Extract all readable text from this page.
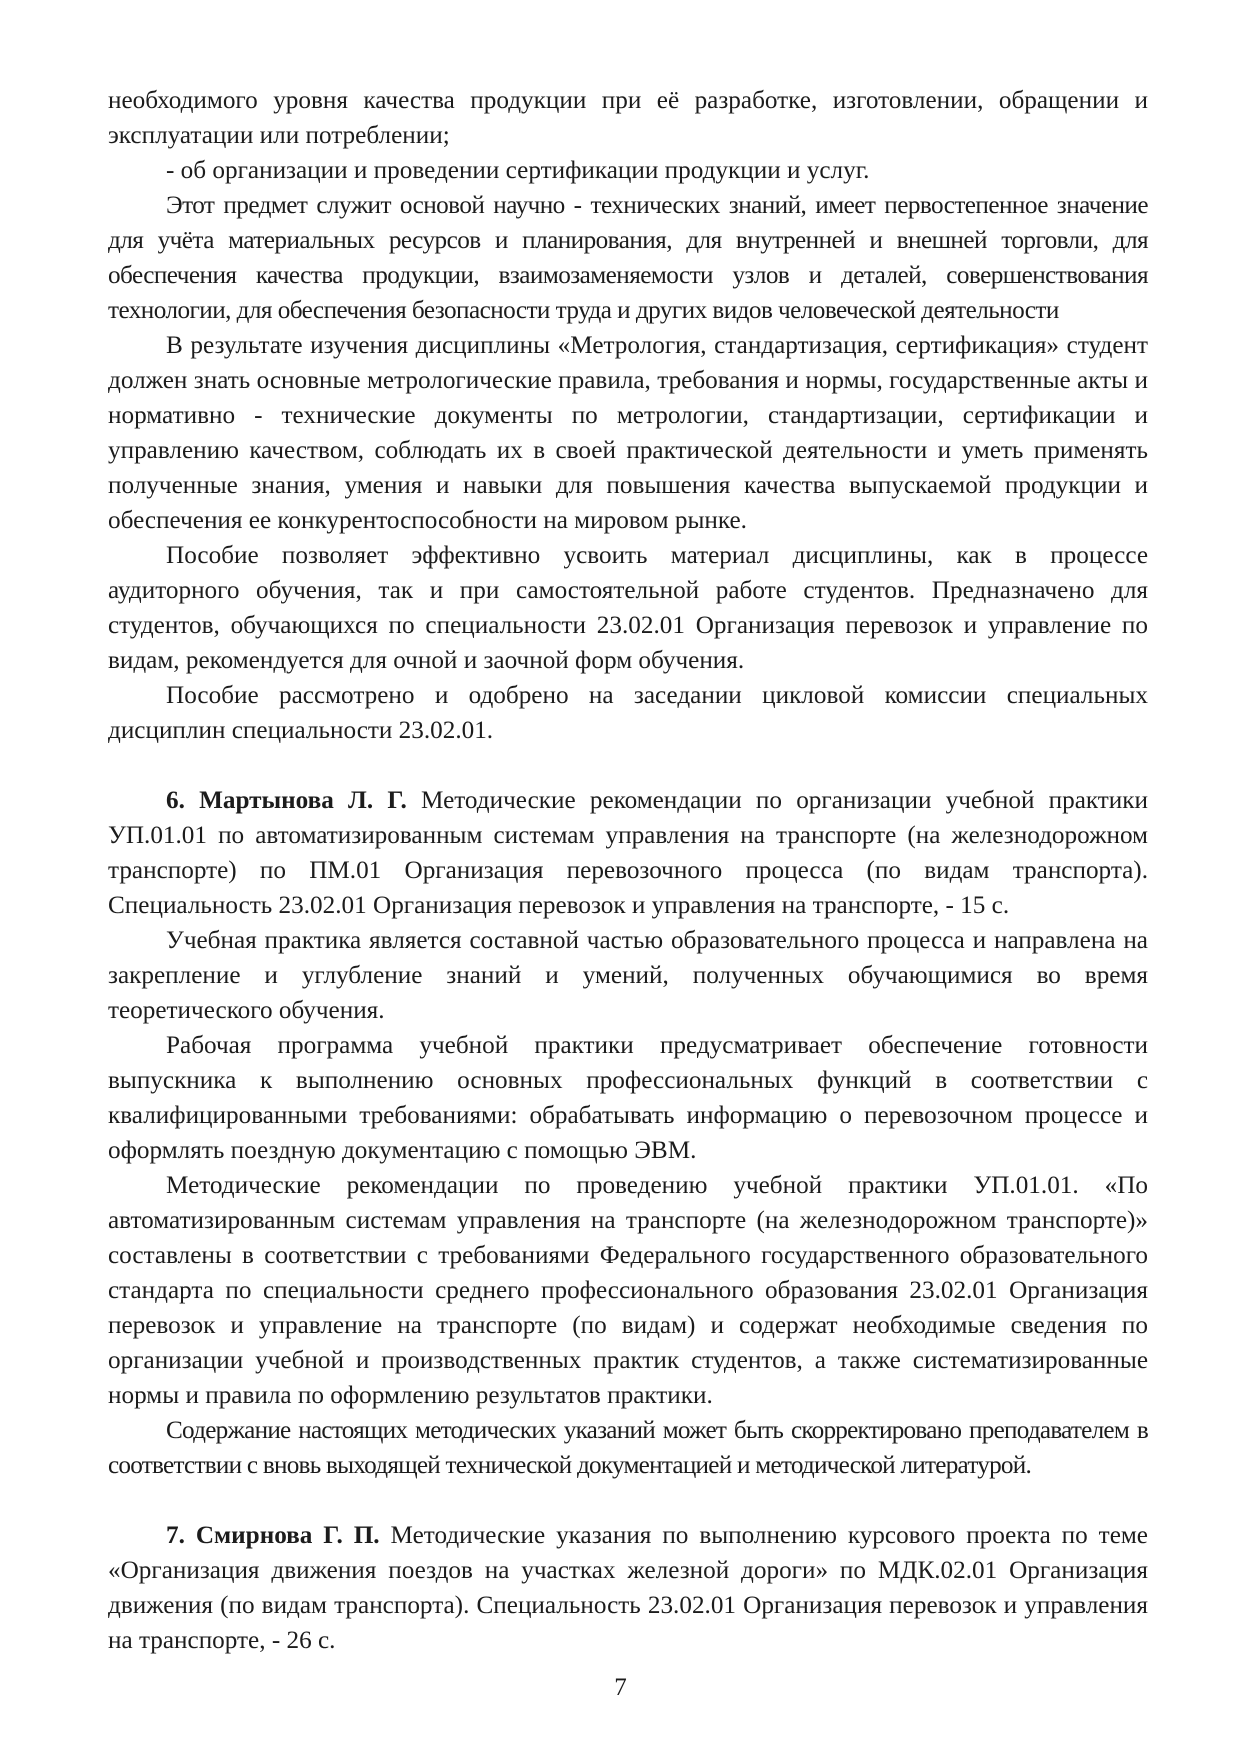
необходимого уровня качества продукции при её разработке, изготовлении, обращении и эксплуатации или потреблении;

- об организации и проведении сертификации продукции и услуг.

Этот предмет служит основой научно - технических знаний, имеет первостепенное значение для учёта материальных ресурсов и планирования, для внутренней и внешней торговли, для обеспечения качества продукции, взаимозаменяемости узлов и деталей, совершенствования технологии, для обеспечения безопасности труда и других видов человеческой деятельности

В результате изучения дисциплины «Метрология, стандартизация, сертификация» студент должен знать основные метрологические правила, требования и нормы, государственные акты и нормативно - технические документы по метрологии, стандартизации, сертификации и управлению качеством, соблюдать их в своей практической деятельности и уметь применять полученные знания, умения и навыки для повышения качества выпускаемой продукции и обеспечения ее конкурентоспособности на мировом рынке.

Пособие позволяет эффективно усвоить материал дисциплины, как в процессе аудиторного обучения, так и при самостоятельной работе студентов. Предназначено для студентов, обучающихся по специальности 23.02.01 Организация перевозок и управление по видам, рекомендуется для очной и заочной форм обучения.

Пособие рассмотрено и одобрено на заседании цикловой комиссии специальных дисциплин специальности 23.02.01.

6. Мартынова Л. Г. Методические рекомендации по организации учебной практики УП.01.01 по автоматизированным системам управления на транспорте (на железнодорожном транспорте) по ПМ.01 Организация перевозочного процесса (по видам транспорта). Специальность 23.02.01 Организация перевозок и управления на транспорте, - 15 с.

Учебная практика является составной частью образовательного процесса и направлена на закрепление и углубление знаний и умений, полученных обучающимися во время теоретического обучения.

Рабочая программа учебной практики предусматривает обеспечение готовности выпускника к выполнению основных профессиональных функций в соответствии с квалифицированными требованиями: обрабатывать информацию о перевозочном процессе и оформлять поездную документацию с помощью ЭВМ.

Методические рекомендации по проведению учебной практики УП.01.01. «По автоматизированным системам управления на транспорте (на железнодорожном транспорте)» составлены в соответствии с требованиями Федерального государственного образовательного стандарта по специальности среднего профессионального образования 23.02.01 Организация перевозок и управление на транспорте (по видам) и содержат необходимые сведения по организации учебной и производственных практик студентов, а также систематизированные нормы и правила по оформлению результатов практики.

Содержание настоящих методических указаний может быть скорректировано преподавателем в соответствии с вновь выходящей технической документацией и методической литературой.

7. Смирнова Г. П. Методические указания по выполнению курсового проекта по теме «Организация движения поездов на участках железной дороги» по МДК.02.01 Организация движения (по видам транспорта). Специальность 23.02.01 Организация перевозок и управления на транспорте, - 26 с.

7
